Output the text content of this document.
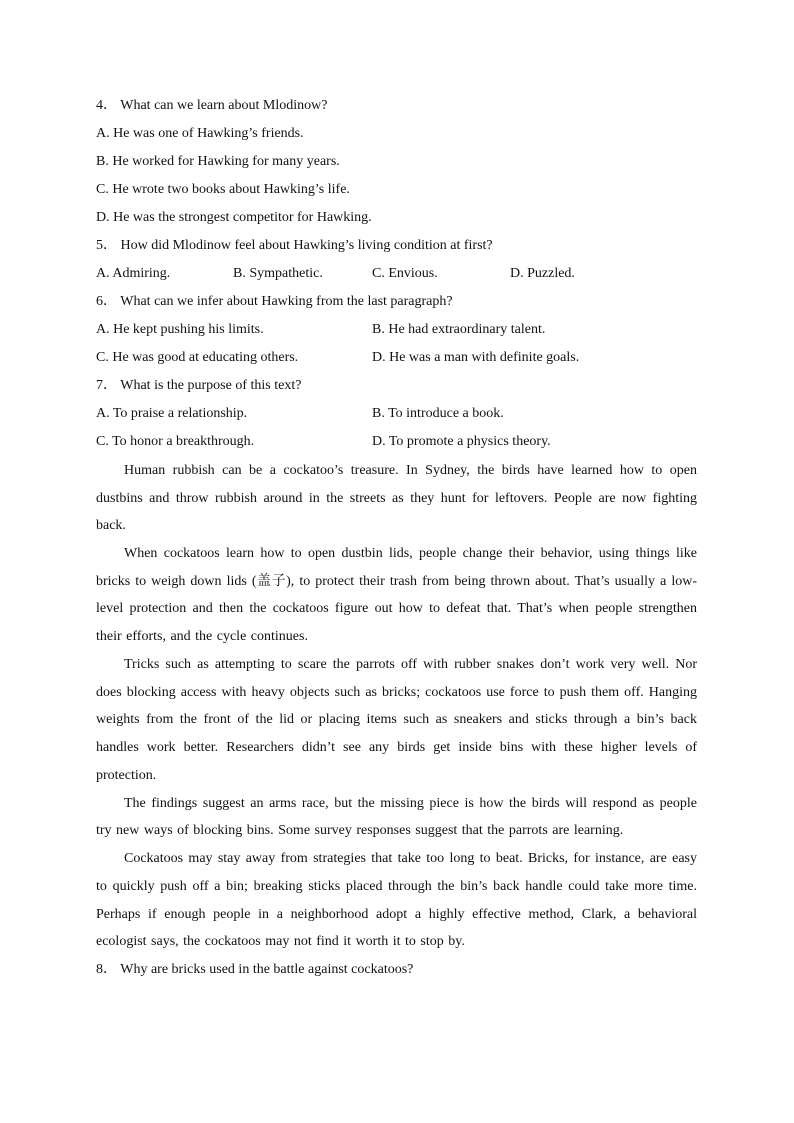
4． What can we learn about Mlodinow?
A. He was one of Hawking’s friends.
B. He worked for Hawking for many years.
C. He wrote two books about Hawking’s life.
D. He was the strongest competitor for Hawking.
5． How did Mlodinow feel about Hawking’s living condition at first?
A. Admiring.	B. Sympathetic.	C. Envious.	D. Puzzled.
6． What can we infer about Hawking from the last paragraph?
A. He kept pushing his limits.	B. He had extraordinary talent.
C. He was good at educating others.	D. He was a man with definite goals.
7． What is the purpose of this text?
A. To praise a relationship.	B. To introduce a book.
C. To honor a breakthrough.	D. To promote a physics theory.

Human rubbish can be a cockatoo’s treasure. In Sydney, the birds have learned how to open dustbins and throw rubbish around in the streets as they hunt for leftovers. People are now fighting back.

When cockatoos learn how to open dustbin lids, people change their behavior, using things like bricks to weigh down lids (盖子), to protect their trash from being thrown about. That’s usually a low-level protection and then the cockatoos figure out how to defeat that. That’s when people strengthen their efforts, and the cycle continues.

Tricks such as attempting to scare the parrots off with rubber snakes don’t work very well. Nor does blocking access with heavy objects such as bricks; cockatoos use force to push them off. Hanging weights from the front of the lid or placing items such as sneakers and sticks through a bin’s back handles work better. Researchers didn’t see any birds get inside bins with these higher levels of protection.

The findings suggest an arms race, but the missing piece is how the birds will respond as people try new ways of blocking bins. Some survey responses suggest that the parrots are learning.

Cockatoos may stay away from strategies that take too long to beat. Bricks, for instance, are easy to quickly push off a bin; breaking sticks placed through the bin’s back handle could take more time. Perhaps if enough people in a neighborhood adopt a highly effective method, Clark, a behavioral ecologist says, the cockatoos may not find it worth it to stop by.

8． Why are bricks used in the battle against cockatoos?
